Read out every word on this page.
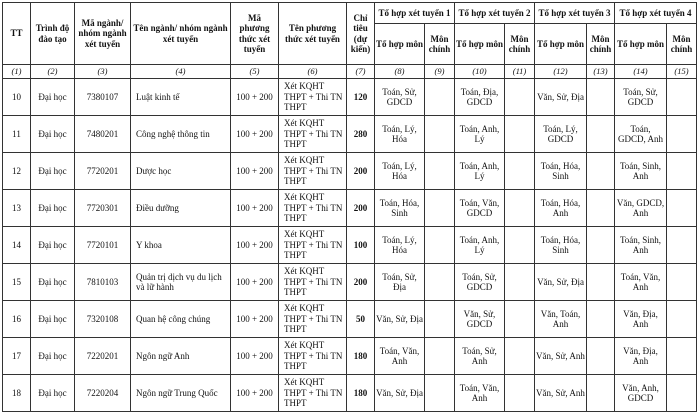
TT	Trình độ đào tạo	Mã ngành/ nhóm ngành xét tuyển	Tên ngành/ nhóm ngành xét tuyển	Mã phương thức xét tuyển	Tên phương thức xét tuyển	Chỉ tiêu (dự kiến)	Tổ hợp xét tuyển 1		Tổ hợp xét tuyển 2		Tổ hợp xét tuyển 3		Tổ hợp xét tuyển 4	
							Tổ hợp môn	Môn chính	Tổ hợp môn	Môn chính	Tổ hợp môn	Môn chính	Tổ hợp môn	Môn chính
(1)	(2)	(3)	(4)	(5)	(6)	(7)	(8)	(9)	(10)	(11)	(12)	(13)	(14)	(15)
10	Đại học	7380107	Luật kinh tế	100 + 200	Xét KQHT THPT + Thi TN THPT	120	Toán, Sử, GDCD		Toán, Địa, GDCD		Văn, Sử, Địa		Toán, Sử, GDCD	
11	Đại học	7480201	Công nghệ thông tin	100 + 200	Xét KQHT THPT + Thi TN THPT	280	Toán, Lý, Hóa		Toán, Anh, Lý		Toán, Lý, GDCD		Toán, GDCD, Anh	
12	Đại học	7720201	Dược học	100 + 200	Xét KQHT THPT + Thi TN THPT	200	Toán, Lý, Hóa		Toán, Anh, Lý		Toán, Hóa, Sinh		Toán, Sinh, Anh	
13	Đại học	7720301	Điều dưỡng	100 + 200	Xét KQHT THPT + Thi TN THPT	200	Toán, Hóa, Sinh		Toán, Văn, GDCD		Toán, Hóa, Anh		Văn, GDCD, Anh	
14	Đại học	7720101	Y khoa	100 + 200	Xét KQHT THPT + Thi TN THPT	100	Toán, Lý, Hóa		Toán, Anh, Lý		Toán, Hóa, Sinh		Toán, Sinh, Anh	
15	Đại học	7810103	Quản trị dịch vụ du lịch và lữ hành	100 + 200	Xét KQHT THPT + Thi TN THPT	200	Toán, Sử, Địa		Toán, Sử, GDCD		Văn, Sử, Địa		Toán, Văn, Anh	
16	Đại học	7320108	Quan hệ công chúng	100 + 200	Xét KQHT THPT + Thi TN THPT	50	Văn, Sử, Địa		Văn, Sử, GDCD		Văn, Toán, Anh		Văn, Địa, Anh	
17	Đại học	7220201	Ngôn ngữ Anh	100 + 200	Xét KQHT THPT + Thi TN THPT	180	Toán, Văn, Anh		Toán, Sử, Anh		Văn, Sử, Anh		Văn, Địa, Anh	
18	Đại học	7220204	Ngôn ngữ Trung Quốc	100 + 200	Xét KQHT THPT + Thi TN THPT	180	Văn, Sử, Địa		Toán, Văn, Anh		Văn, Sử, Anh		Văn, Anh, GDCD	
